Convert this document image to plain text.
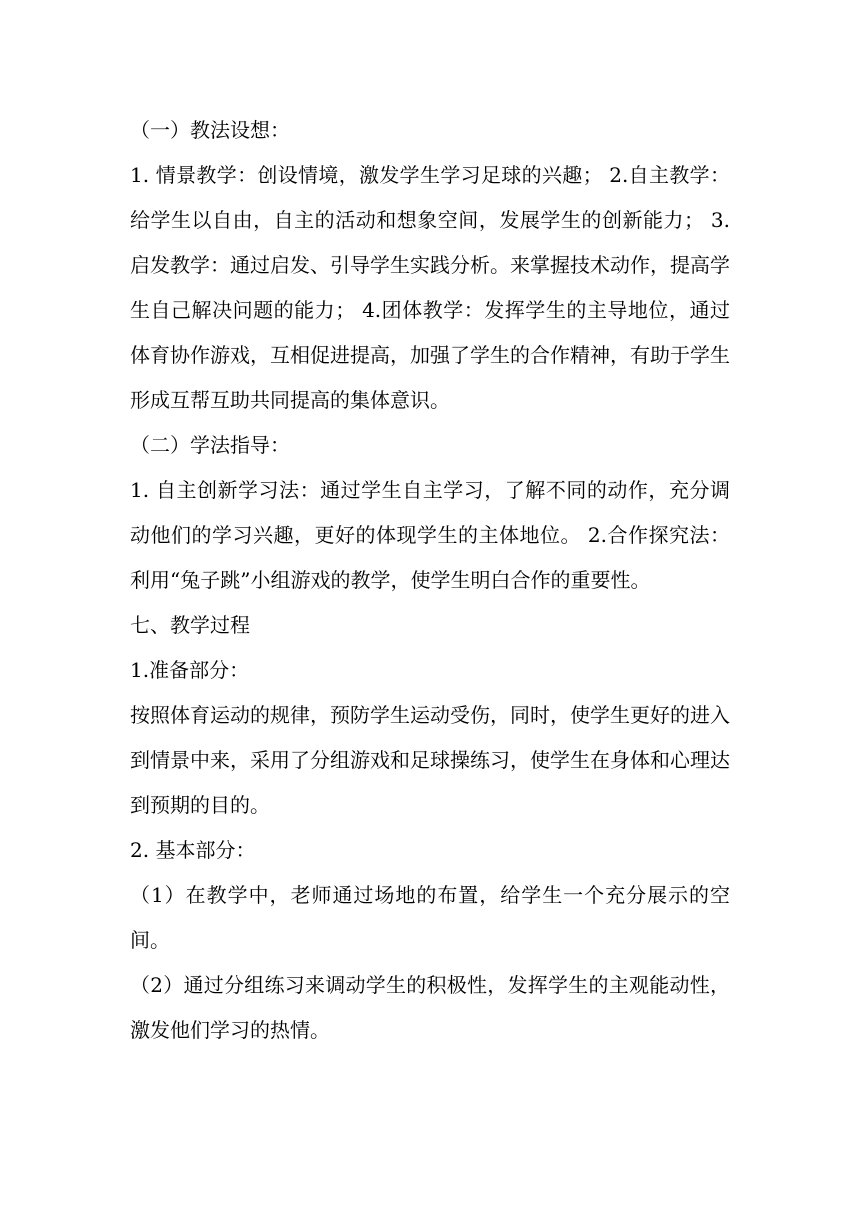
（一）教法设想：

1. 情景教学：创设情境，激发学生学习足球的兴趣； 2.自主教学：给学生以自由，自主的活动和想象空间，发展学生的创新能力； 3.启发教学：通过启发、引导学生实践分析。来掌握技术动作，提高学生自己解决问题的能力； 4.团体教学：发挥学生的主导地位，通过体育协作游戏，互相促进提高，加强了学生的合作精神，有助于学生形成互帮互助共同提高的集体意识。

（二）学法指导：

1. 自主创新学习法：通过学生自主学习，了解不同的动作，充分调动他们的学习兴趣，更好的体现学生的主体地位。 2.合作探究法：利用“兔子跳”小组游戏的教学，使学生明白合作的重要性。

七、教学过程

1.准备部分：

按照体育运动的规律，预防学生运动受伤，同时，使学生更好的进入到情景中来，采用了分组游戏和足球操练习，使学生在身体和心理达到预期的目的。

2. 基本部分：

（1）在教学中，老师通过场地的布置，给学生一个充分展示的空间。

（2）通过分组练习来调动学生的积极性，发挥学生的主观能动性，激发他们学习的热情。
